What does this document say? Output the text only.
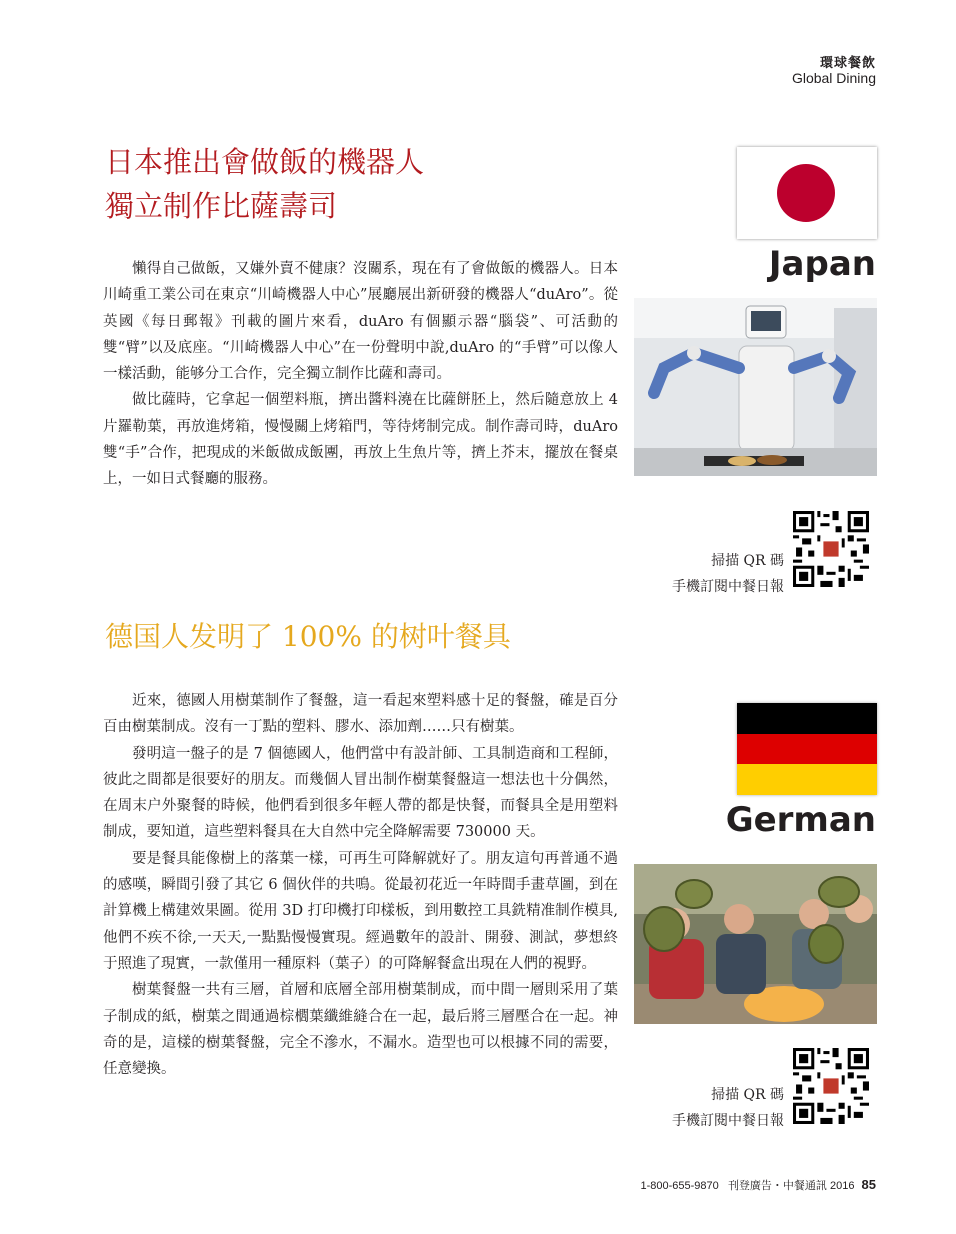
環球餐飲
Global Dining
日本推出會做飯的機器人
獨立制作比薩壽司

懶得自己做飯，又嫌外賣不健康？沒關系，現在有了會做飯的機器人。日本川崎重工業公司在東京“川崎機器人中心”展廳展出新研發的機器人“duAro”。從英國《每日郵報》刊載的圖片來看，duAro 有個顯示器“腦袋”、可活動的雙“臂”以及底座。“川崎機器人中心”在一份聲明中說,duAro 的“手臂”可以像人一樣活動，能够分工合作，完全獨立制作比薩和壽司。

做比薩時，它拿起一個塑料瓶，擠出醬料澆在比薩餅胚上，然后隨意放上 4 片羅勒葉，再放進烤箱，慢慢關上烤箱門，等待烤制完成。制作壽司時，duAro 雙“手”合作，把現成的米飯做成飯團，再放上生魚片等，擠上芥末，擺放在餐桌上，一如日式餐廳的服務。

Japan
掃描 QR 碼
手機訂閱中餐日報
德国人发明了 100% 的树叶餐具

近來，德國人用樹葉制作了餐盤，這一看起來塑料感十足的餐盤，確是百分百由樹葉制成。沒有一丁點的塑料、膠水、添加劑……只有樹葉。

發明這一盤子的是 7 個德國人，他們當中有設計師、工具制造商和工程師，彼此之間都是很要好的朋友。而幾個人冒出制作樹葉餐盤這一想法也十分偶然，在周末户外聚餐的時候，他們看到很多年輕人帶的都是快餐，而餐具全是用塑料制成，要知道，這些塑料餐具在大自然中完全降解需要 730000 天。

要是餐具能像樹上的落葉一樣，可再生可降解就好了。朋友這句再普通不過的感嘆，瞬間引發了其它 6 個伙伴的共鳴。從最初花近一年時間手畫草圖，到在計算機上構建效果圖。從用 3D 打印機打印樣板，到用數控工具銑精准制作模具,他們不疾不徐,一天天,一點點慢慢實現。經過數年的設計、開發、測試，夢想終于照進了現實，一款僅用一種原料（葉子）的可降解餐盒出現在人們的視野。

樹葉餐盤一共有三層，首層和底層全部用樹葉制成，而中間一層則采用了葉子制成的紙，樹葉之間通過棕櫚葉纖維縫合在一起，最后將三層壓合在一起。神奇的是，這樣的樹葉餐盤，完全不滲水，不漏水。造型也可以根據不同的需要，任意變換。

German
掃描 QR 碼
手機訂閱中餐日報
1-800-655-9870 刊登廣告・中餐通訊 2016 85
